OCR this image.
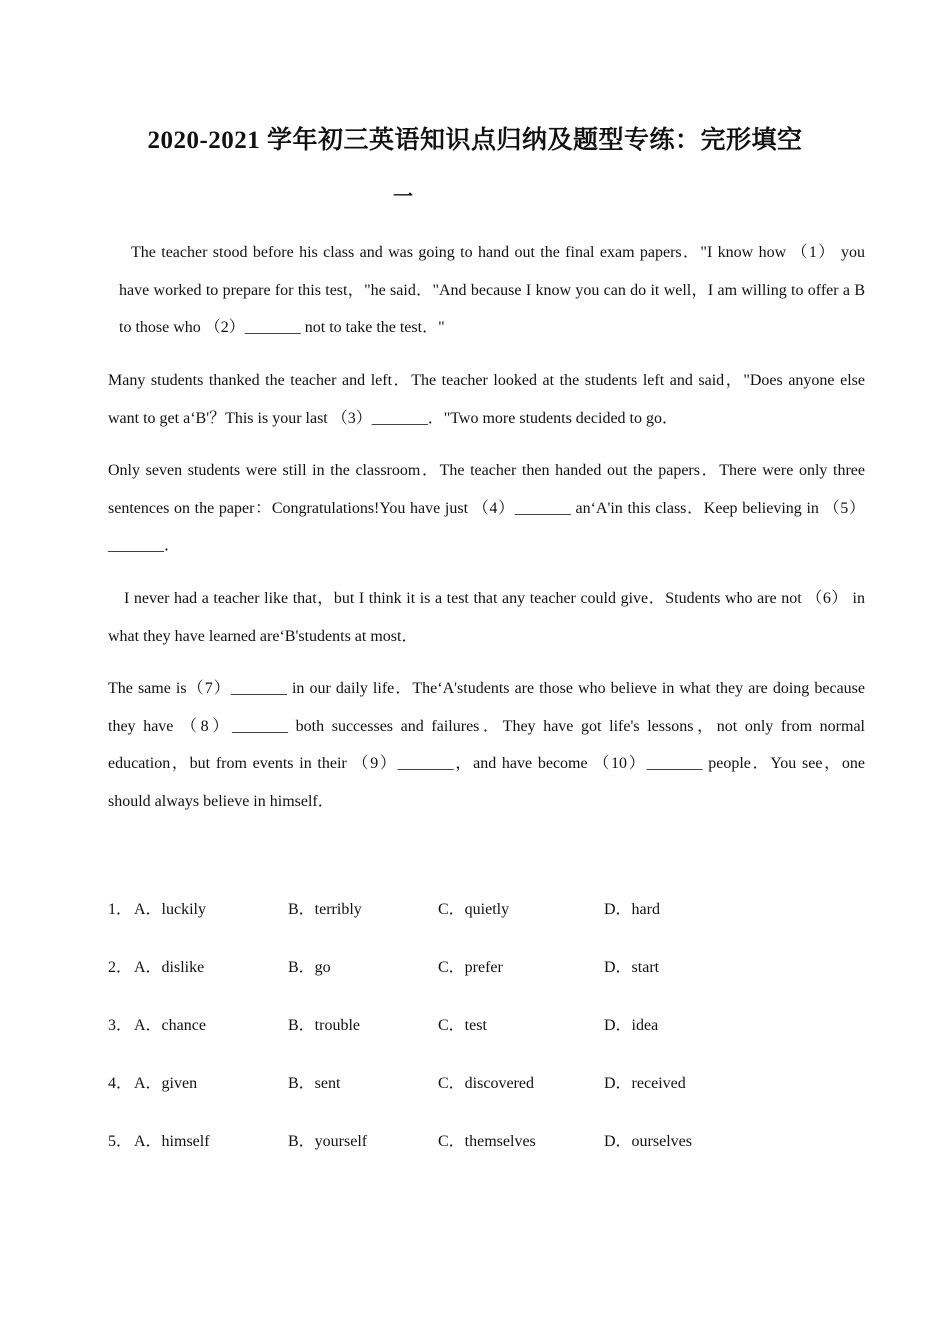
2020-2021 学年初三英语知识点归纳及题型专练：完形填空
一

The teacher stood before his class and was going to hand out the final exam papers．"I know how （1） you have worked to prepare for this test，"he said．"And because I know you can do it well，I am willing to offer a B to those who （2）_______ not to take the test．"

Many students thanked the teacher and left．The teacher looked at the students left and said，"Does anyone else want to get a‘B'？This is your last （3）_______．"Two more students decided to go．

Only seven students were still in the classroom．The teacher then handed out the papers．There were only three sentences on the paper：Congratulations!You have just （4）_______ an‘A'in this class．Keep believing in （5）_______．

I never had a teacher like that，but I think it is a test that any teacher could give．Students who are not （6） in what they have learned are‘B'students at most．

The same is（7）_______ in our daily life．The‘A'students are those who believe in what they are doing because they have （8）_______ both successes and failures．They have got life's lessons，not only from normal education，but from events in their （9）_______，and have become （10）_______ people．You see，one should always believe in himself．

1． A．luckily	B．terribly	C．quietly	D．hard
2． A．dislike	B．go	C．prefer	D．start
3． A．chance	B．trouble	C．test	D．idea
4． A．given	B．sent	C．discovered	D．received
5． A．himself	B．yourself	C．themselves	D．ourselves
